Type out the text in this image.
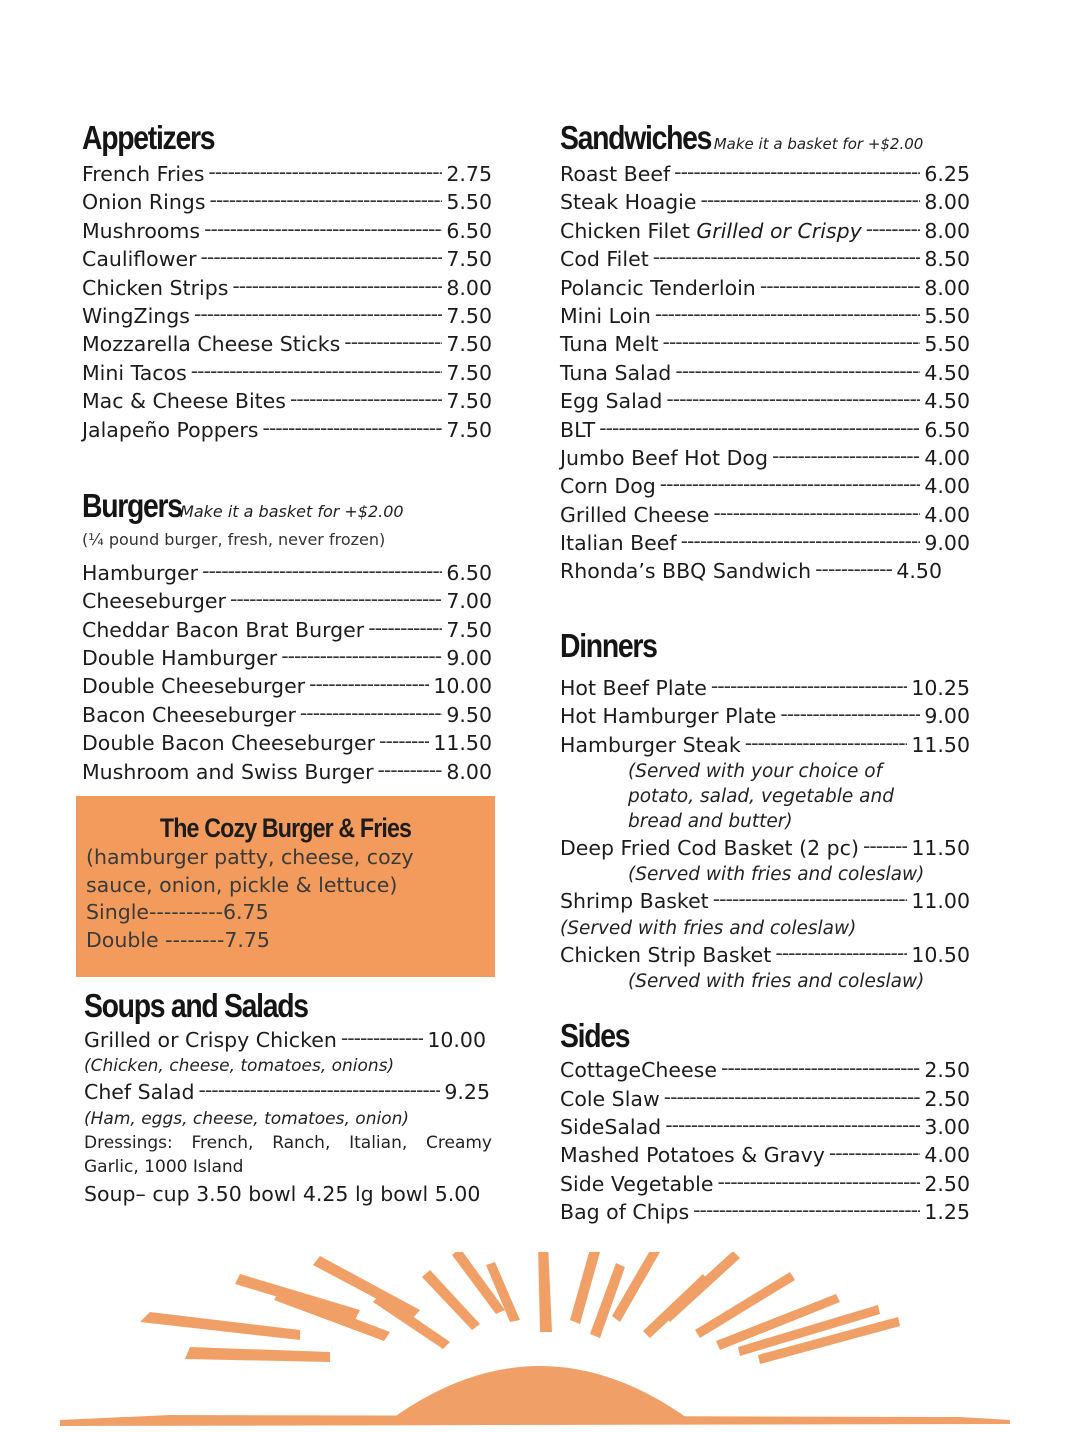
Appetizers
French Fries -----	2.75
Onion Rings -----	5.50
Mushrooms -----	6.50
Cauliflower -----	7.50
Chicken Strips -----	8.00
WingZings -----	7.50
Mozzarella Cheese Sticks -----	7.50
Mini Tacos -----	7.50
Mac & Cheese Bites -----	7.50
Jalapeño Poppers -----	7.50
Burgers
Make it a basket for +$2.00
(¼ pound burger, fresh, never frozen)
Hamburger -----	6.50
Cheeseburger -----	7.00
Cheddar Bacon Brat Burger -----	7.50
Double Hamburger -----	9.00
Double Cheeseburger -----	10.00
Bacon Cheeseburger -----	9.50
Double Bacon Cheeseburger -----	11.50
Mushroom and Swiss Burger -----	8.00
The Cozy Burger & Fries
(hamburger patty, cheese, cozy
sauce, onion, pickle & lettuce)
Single----------6.75
Double --------7.75
Soups and Salads
Grilled or Crispy Chicken -----	10.00
(Chicken, cheese, tomatoes, onions)
Chef Salad -----	9.25
(Ham, eggs, cheese, tomatoes, onion)
Dressings: French, Ranch, Italian, Creamy Garlic, 1000 Island
Soup– cup 3.50 bowl 4.25 lg bowl 5.00
Sandwiches Make it a basket for +$2.00
Roast Beef -----	6.25
Steak Hoagie -----	8.00
Chicken Filet Grilled or Crispy -----	8.00
Cod Filet -----	8.50
Polancic Tenderloin -----	8.00
Mini Loin -----	5.50
Tuna Melt -----	5.50
Tuna Salad -----	4.50
Egg Salad -----	4.50
BLT -----	6.50
Jumbo Beef Hot Dog -----	4.00
Corn Dog -----	4.00
Grilled Cheese -----	4.00
Italian Beef -----	9.00
Rhonda’s BBQ Sandwich -----	4.50
Dinners
Hot Beef Plate -----	10.25
Hot Hamburger Plate -----	9.00
Hamburger Steak -----	11.50
(Served with your choice of
potato, salad, vegetable and
bread and butter)
Deep Fried Cod Basket (2 pc) -----	11.50
(Served with fries and coleslaw)
Shrimp Basket -----	11.00
(Served with fries and coleslaw)
Chicken Strip Basket -----	10.50
(Served with fries and coleslaw)
Sides
CottageCheese -----	2.50
Cole Slaw -----	2.50
SideSalad -----	3.00
Mashed Potatoes & Gravy -----	4.00
Side Vegetable -----	2.50
Bag of Chips -----	1.25
